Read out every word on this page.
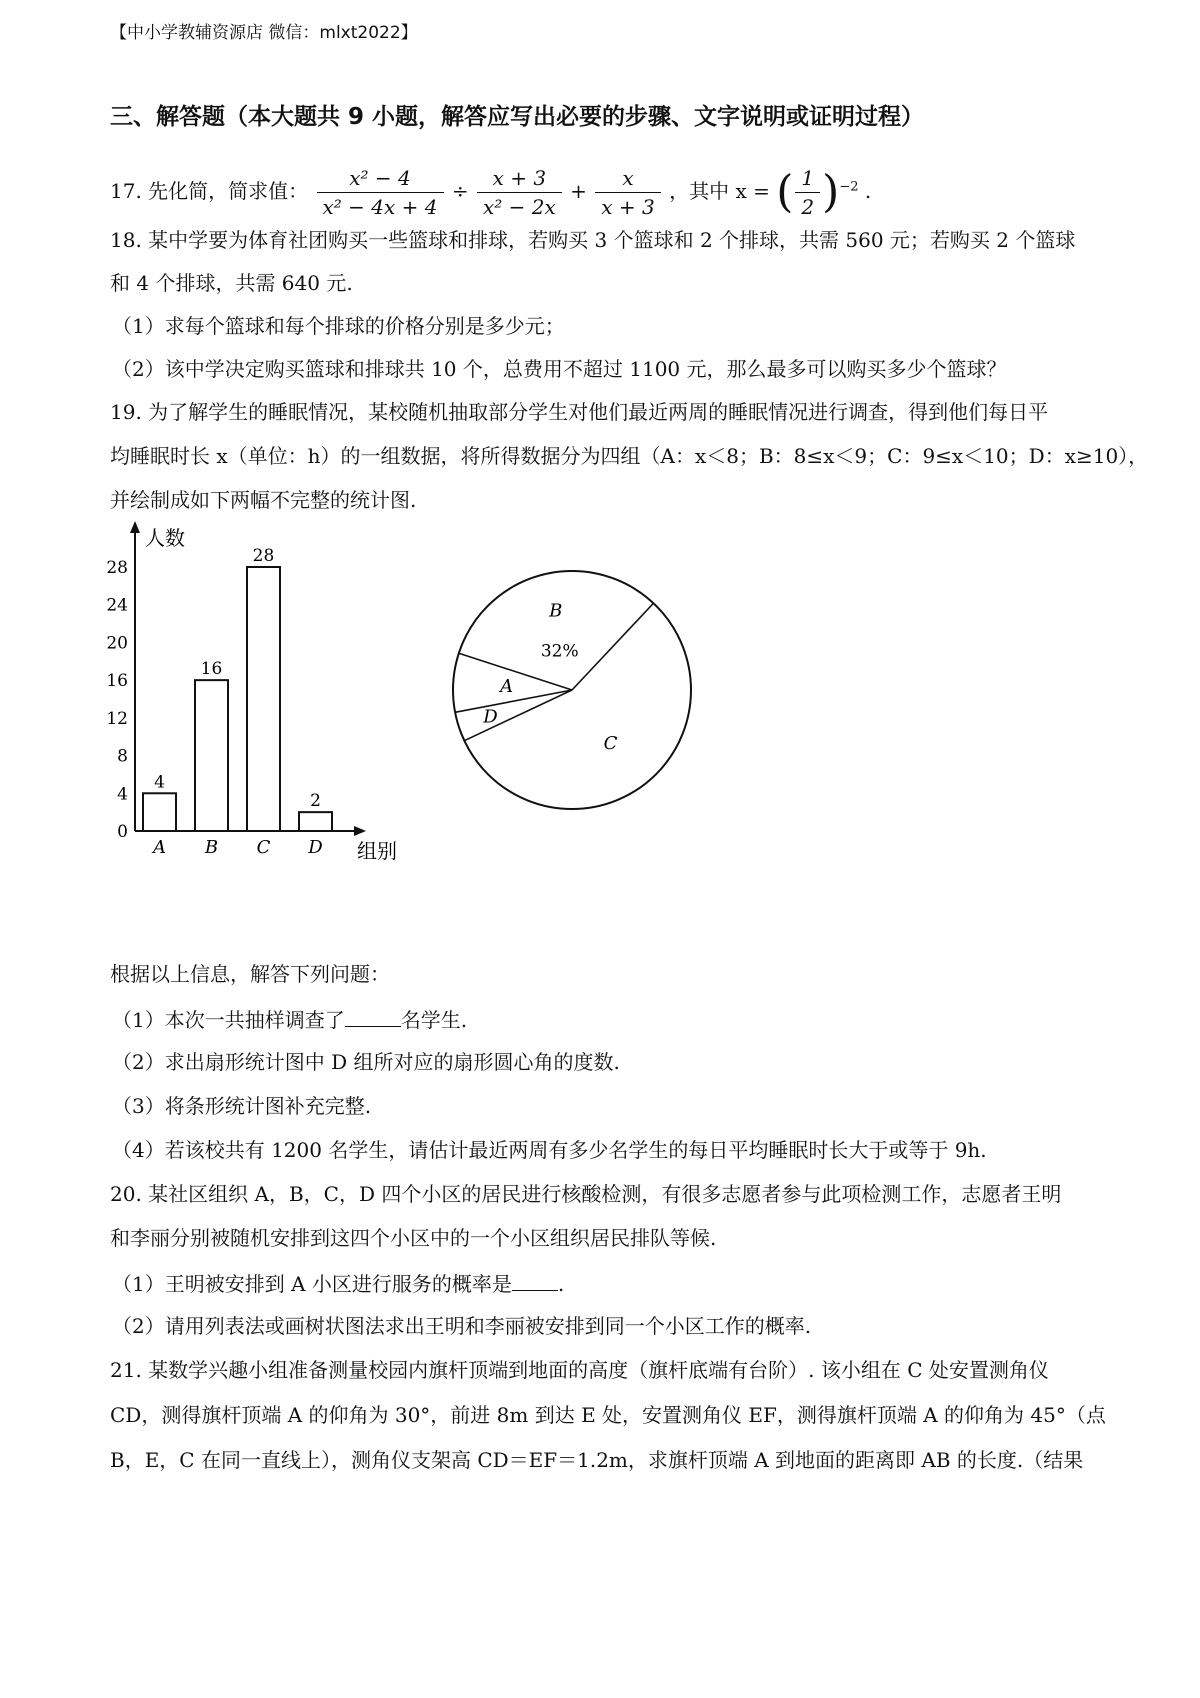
【中小学教辅资源店 微信：mlxt2022】
三、解答题（本大题共 9 小题，解答应写出必要的步骤、文字说明或证明过程）
17. 先化简，简求值： $\frac{\text{x² − 4}}{\text{x² − 4x + 4}} \div \frac{x + 3}{\text{x² − 2x}} + \frac{x}{x + 3}$ ，其中 x = ( $\frac{1}{2} )^{-2}$ .
18. 某中学要为体育社团购买一些篮球和排球，若购买 3 个篮球和 2 个排球，共需 560 元；若购买 2 个篮球
和 4 个排球，共需 640 元.
（1）求每个篮球和每个排球的价格分别是多少元；
（2）该中学决定购买篮球和排球共 10 个，总费用不超过 1100 元，那么最多可以购买多少个篮球？
19. 为了解学生的睡眠情况，某校随机抽取部分学生对他们最近两周的睡眠情况进行调查，得到他们每日平
均睡眠时长 x（单位：h）的一组数据，将所得数据分为四组（A：x＜8；B：8≤x＜9；C：9≤x＜10；D：x≥10），
并绘制成如下两幅不完整的统计图.
人数
组别
0
4
8
12
16
20
24
28
4
A
16
B
28
C
2
D
B
32%
C
D
A
根据以上信息，解答下列问题：
（1）本次一共抽样调查了	名学生.
（2）求出扇形统计图中 D 组所对应的扇形圆心角的度数.
（3）将条形统计图补充完整.
（4）若该校共有 1200 名学生，请估计最近两周有多少名学生的每日平均睡眠时长大于或等于 9h.
20. 某社区组织 A，B，C，D 四个小区的居民进行核酸检测，有很多志愿者参与此项检测工作，志愿者王明
和李丽分别被随机安排到这四个小区中的一个小区组织居民排队等候.
（1）王明被安排到 A 小区进行服务的概率是 .
（2）请用列表法或画树状图法求出王明和李丽被安排到同一个小区工作的概率.
21. 某数学兴趣小组准备测量校园内旗杆顶端到地面的高度（旗杆底端有台阶）. 该小组在 C 处安置测角仪
CD，测得旗杆顶端 A 的仰角为 30°，前进 8m 到达 E 处，安置测角仪 EF，测得旗杆顶端 A 的仰角为 45°（点
B，E，C 在同一直线上），测角仪支架高 CD＝EF＝1.2m，求旗杆顶端 A 到地面的距离即 AB 的长度.（结果
